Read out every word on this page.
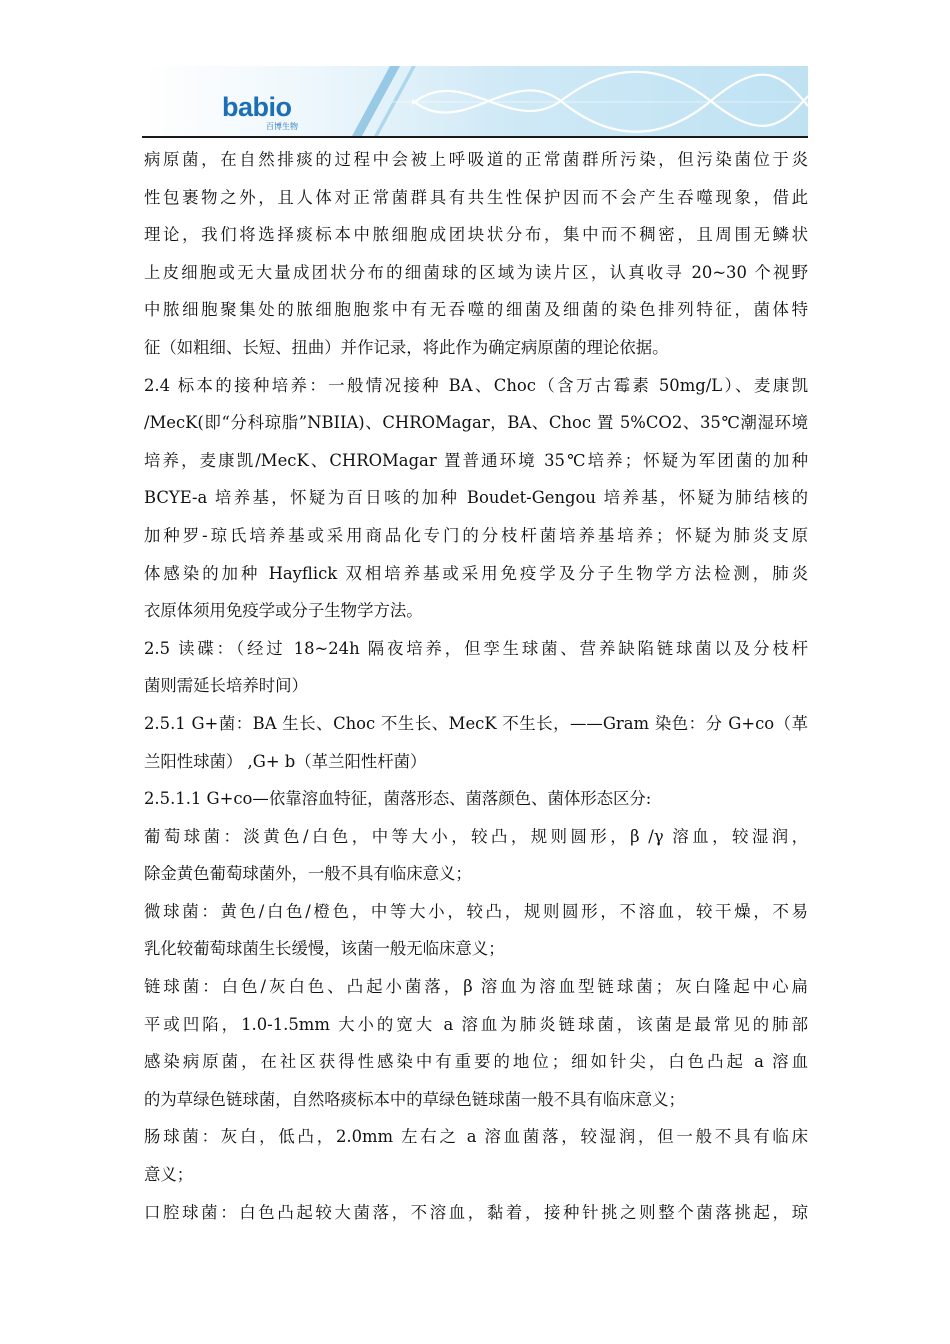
babio
百博生物
病原菌，在自然排痰的过程中会被上呼吸道的正常菌群所污染，但污染菌位于炎
性包裹物之外，且人体对正常菌群具有共生性保护因而不会产生吞噬现象，借此
理论，我们将选择痰标本中脓细胞成团块状分布，集中而不稠密，且周围无鳞状
上皮细胞或无大量成团状分布的细菌球的区域为读片区，认真收寻 20~30 个视野
中脓细胞聚集处的脓细胞胞浆中有无吞噬的细菌及细菌的染色排列特征，菌体特
征（如粗细、长短、扭曲）并作记录，将此作为确定病原菌的理论依据。
2.4 标本的接种培养：一般情况接种 BA、Choc（含万古霉素 50mg/L）、麦康凯
/MecK(即“分科琼脂”NBIIA)、CHROMagar，BA、Choc 置 5%CO2、35℃潮湿环境
培养，麦康凯/MecK、CHROMagar 置普通环境 35℃培养；怀疑为军团菌的加种
BCYE-a 培养基，怀疑为百日咳的加种 Boudet-Gengou 培养基，怀疑为肺结核的
加种罗-琼氏培养基或采用商品化专门的分枝杆菌培养基培养；怀疑为肺炎支原
体感染的加种 Hayflick 双相培养基或采用免疫学及分子生物学方法检测，肺炎
衣原体须用免疫学或分子生物学方法。
2.5 读碟：（经过 18~24h 隔夜培养，但孪生球菌、营养缺陷链球菌以及分枝杆
菌则需延长培养时间）
2.5.1 G+菌：BA 生长、Choc 不生长、MecK 不生长，——Gram 染色：分 G+co（革
兰阳性球菌） ,G+ b（革兰阳性杆菌）
2.5.1.1 G+co—依靠溶血特征，菌落形态、菌落颜色、菌体形态区分:
葡萄球菌：淡黄色/白色，中等大小，较凸，规则圆形，β /γ 溶血，较湿润，
除金黄色葡萄球菌外，一般不具有临床意义；
微球菌：黄色/白色/橙色，中等大小，较凸，规则圆形，不溶血，较干燥，不易
乳化较葡萄球菌生长缓慢，该菌一般无临床意义；
链球菌：白色/灰白色、凸起小菌落，β 溶血为溶血型链球菌；灰白隆起中心扁
平或凹陷，1.0-1.5mm 大小的宽大 a 溶血为肺炎链球菌，该菌是最常见的肺部
感染病原菌，在社区获得性感染中有重要的地位；细如针尖，白色凸起 a 溶血
的为草绿色链球菌，自然咯痰标本中的草绿色链球菌一般不具有临床意义；
肠球菌：灰白，低凸，2.0mm 左右之 a 溶血菌落，较湿润，但一般不具有临床
意义；
口腔球菌：白色凸起较大菌落，不溶血，黏着，接种针挑之则整个菌落挑起，琼
